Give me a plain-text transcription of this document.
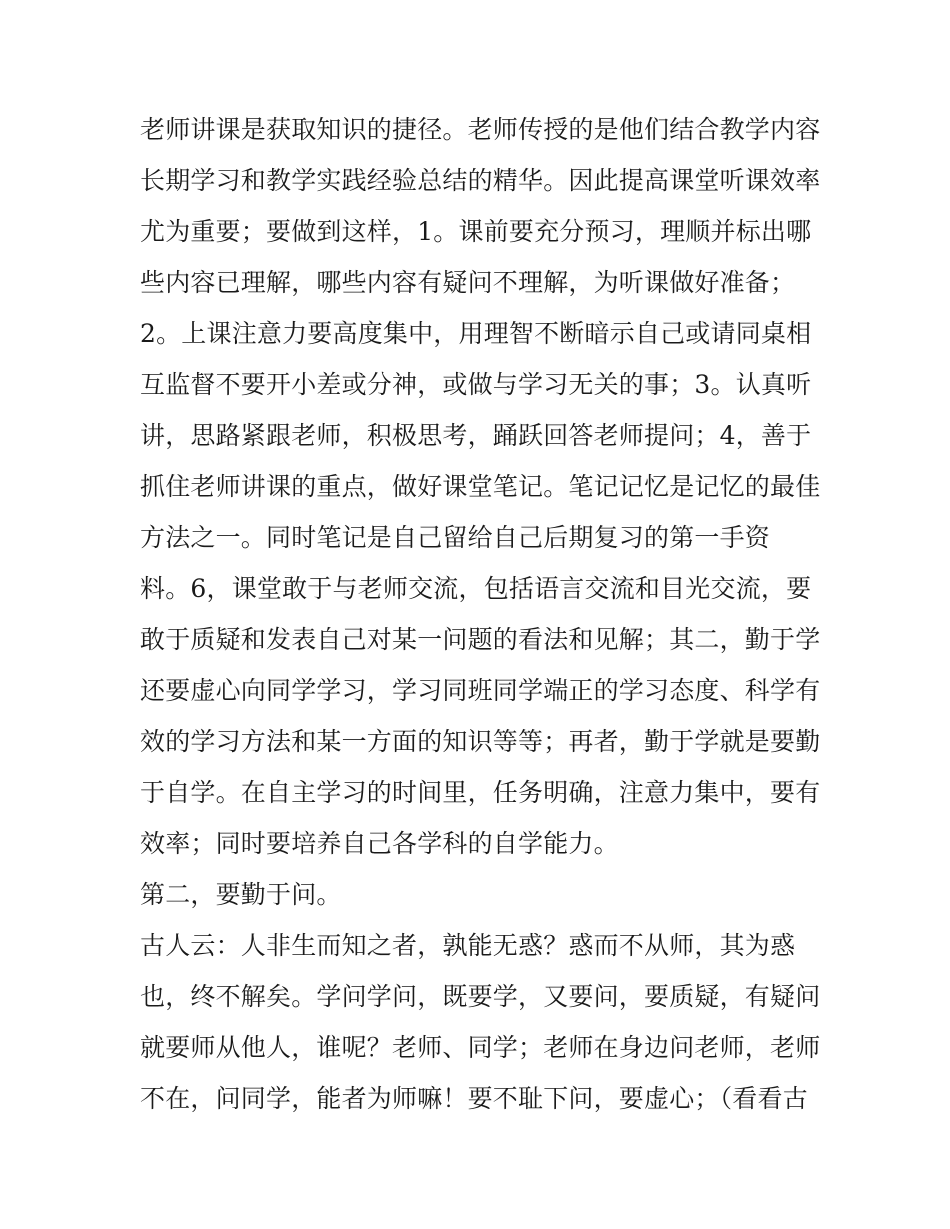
老师讲课是获取知识的捷径。老师传授的是他们结合教学内容
长期学习和教学实践经验总结的精华。因此提高课堂听课效率
尤为重要；要做到这样，1。课前要充分预习，理顺并标出哪
些内容已理解，哪些内容有疑问不理解，为听课做好准备；
2。上课注意力要高度集中，用理智不断暗示自己或请同桌相
互监督不要开小差或分神，或做与学习无关的事；3。认真听
讲，思路紧跟老师，积极思考，踊跃回答老师提问；4，善于
抓住老师讲课的重点，做好课堂笔记。笔记记忆是记忆的最佳
方法之一。同时笔记是自己留给自己后期复习的第一手资
料。6，课堂敢于与老师交流，包括语言交流和目光交流，要
敢于质疑和发表自己对某一问题的看法和见解；其二，勤于学
还要虚心向同学学习，学习同班同学端正的学习态度、科学有
效的学习方法和某一方面的知识等等；再者，勤于学就是要勤
于自学。在自主学习的时间里，任务明确，注意力集中，要有
效率；同时要培养自己各学科的自学能力。
第二，要勤于问。
古人云：人非生而知之者，孰能无惑？惑而不从师，其为惑
也，终不解矣。学问学问，既要学，又要问，要质疑，有疑问
就要师从他人，谁呢？老师、同学；老师在身边问老师，老师
不在，问同学，能者为师嘛！要不耻下问，要虚心；（看看古
